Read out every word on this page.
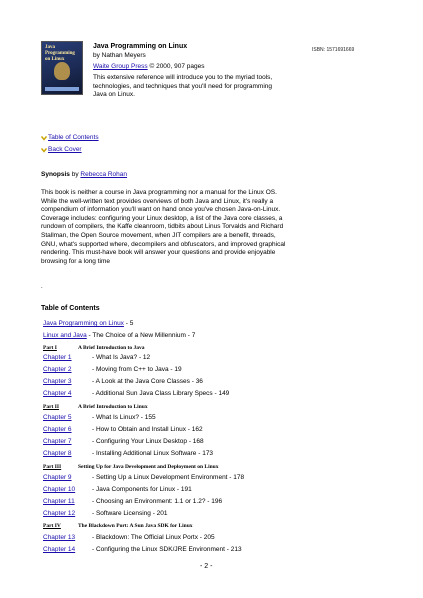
Java Programming on Linux
Java Programming on Linux
by Nathan Meyers
ISBN: 1571691669
Waite Group Press © 2000, 907 pages
This extensive reference will introduce you to the myriad tools, technologies, and techniques that you'll need for programming Java on Linux.
Table of Contents
Back Cover
Synopsis by Rebecca Rohan
This book is neither a course in Java programming nor a manual for the Linux OS. While the well-written text provides overviews of both Java and Linux, it's really a compendium of information you'll want on hand once you've chosen Java-on-Linux. Coverage includes: configuring your Linux desktop, a list of the Java core classes, a rundown of compilers, the Kaffe cleanroom, tidbits about Linus Torvalds and Richard Stallman, the Open Source movement, when JIT compilers are a benefit, threads, GNU, what's supported where, decompilers and obfuscators, and improved graphical rendering. This must-have book will answer your questions and provide enjoyable browsing for a long time
.
Table of Contents
Java Programming on Linux - 5
Linux and Java - The Choice of a New Millennium - 7
Part I	A Brief Introduction to Java
Chapter 1	- What Is Java? - 12
Chapter 2	- Moving from C++ to Java - 19
Chapter 3	- A Look at the Java Core Classes - 36
Chapter 4	- Additional Sun Java Class Library Specs - 149
Part II	A Brief Introduction to Linux
Chapter 5	- What Is Linux? - 155
Chapter 6	- How to Obtain and Install Linux - 162
Chapter 7	- Configuring Your Linux Desktop - 168
Chapter 8	- Installing Additional Linux Software - 173
Part III	Setting Up for Java Development and Deployment on Linux
Chapter 9	- Setting Up a Linux Development Environment - 178
Chapter 10	- Java Components for Linux - 191
Chapter 11	- Choosing an Environment: 1.1 or 1.2? - 196
Chapter 12	- Software Licensing - 201
Part IV	The Blackdown Port: A Sun Java SDK for Linux
Chapter 13	- Blackdown: The Official Linux Portx - 205
Chapter 14	- Configuring the Linux SDK/JRE Environment - 213
- 2 -
